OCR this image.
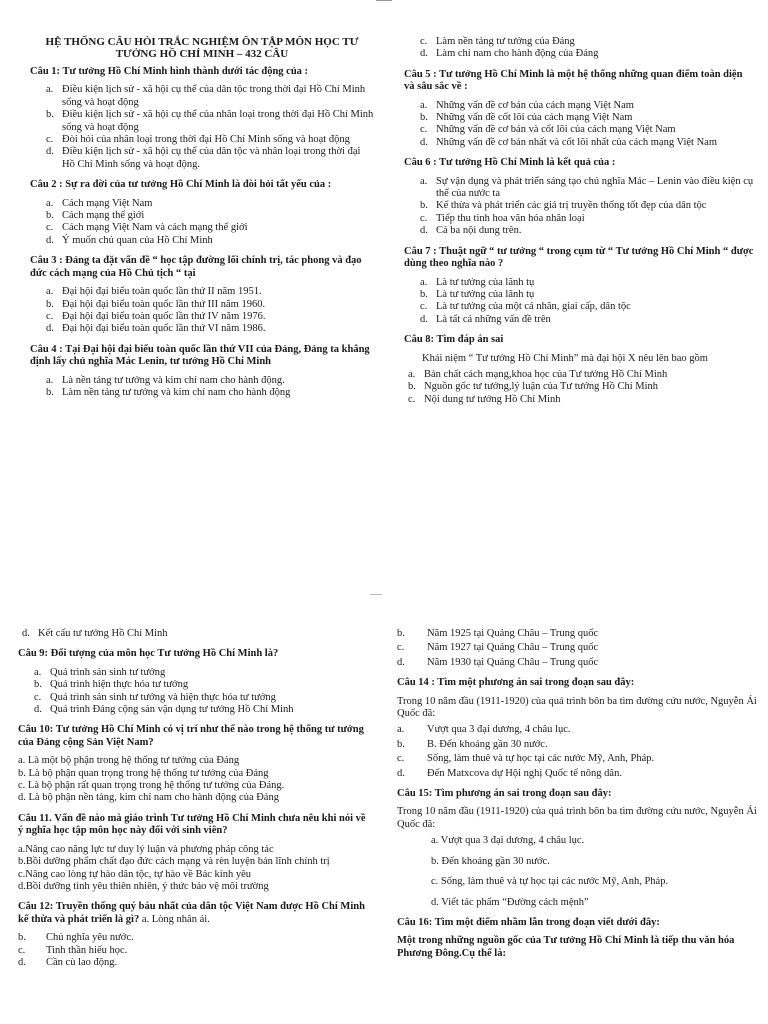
HỆ THỐNG CÂU HỎI TRẮC NGHIỆM ÔN TẬP MÔN HỌC TƯ TƯỞNG HỒ CHÍ MINH – 432 CÂU
Câu 1: Tư tưởng Hồ Chí Minh hình thành dưới tác động của :
a. Điều kiện lịch sử - xã hội cụ thể của dân tộc trong thời đại Hồ Chí Minh sống và hoạt động
b. Điều kiện lịch sử - xã hội cụ thể của nhân loại trong thời đại Hồ Chí Minh sống và hoạt động
c. Đòi hỏi của nhân loại trong thời đại Hồ Chí Minh sống và hoạt động
d. Điều kiện lịch sử - xã hội cụ thể của dân tộc và nhân loại trong thời đại Hồ Chí Minh sống và hoạt động.
Câu 2 : Sự ra đời của tư tưởng Hồ Chí Minh là đòi hỏi tất yếu của :
a. Cách mạng Việt Nam
b. Cách mạng thế giới
c. Cách mạng Việt Nam và cách mạng thế giới
d. Ý muốn chủ quan của Hồ Chí Minh
Câu 3 : Đảng ta đặt vấn đề “ học tập đường lối chính trị, tác phong và đạo đức cách mạng của Hồ Chủ tịch “ tại
a. Đại hội đại biểu toàn quốc lần thứ II năm 1951.
b. Đại hội đại biểu toàn quốc lần thứ III năm 1960.
c. Đại hội đại biểu toàn quốc lần thứ IV năm 1976.
d. Đại hội đại biểu toàn quốc lần thứ VI năm 1986.
Câu 4 : Tại Đại hội đại biểu toàn quốc lần thứ VII của Đảng, Đảng ta khẳng định lấy chủ nghĩa Mác Lenin, tư tưởng Hồ Chí Minh
a. Là nền tảng tư tưởng và kim chỉ nam cho hành động.
b. Làm nền tảng tư tưởng và kim chỉ nam cho hành động
c. Làm nền tảng tư tưởng của Đảng
d. Làm chỉ nam cho hành động của Đảng
Câu 5 : Tư tưởng Hồ Chí Minh là một hệ thống những quan điểm toàn diện và sâu sắc về :
a. Những vấn đề cơ bản của cách mạng Việt Nam
b. Những vấn đề cốt lõi của cách mạng Việt Nam
c. Những vấn đề cơ bản và cốt lõi của cách mạng Việt Nam
d. Những vấn đề cơ bản nhất và cốt lõi nhất của cách mạng Việt Nam
Câu 6 : Tư tưởng Hồ Chí Minh là kết quả của :
a. Sự vận dụng và phát triển sáng tạo chủ nghĩa Mác – Lenin vào điều kiện cụ thể của nước ta
b. Kế thừa và phát triển các giá trị truyền thống tốt đẹp của dân tộc
c. Tiếp thu tinh hoa văn hóa nhân loại
d. Cả ba nội dung trên.
Câu 7 : Thuật ngữ “ tư tưởng “ trong cụm từ “ Tư tưởng Hồ Chí Minh “ được dùng theo nghĩa nào ?
a. Là tư tưởng của lãnh tụ
b. Là tư tưởng của lãnh tụ
c. Là tư tưởng của một cá nhân, giai cấp, dân tộc
d. Là tất cả những vấn đề trên
Câu 8: Tìm đáp án sai
Khái niệm “ Tư tưởng Hồ Chí Minh” mà đại hội X nêu lên bao gồm
a. Bản chất cách mạng,khoa học của Tư tưởng Hồ Chí Minh
b. Nguồn gốc tư tưởng,lý luận của Tư tưởng Hồ Chí Minh
c. Nội dung tư tưởng Hồ Chí Minh
d. Kết cấu tư tưởng Hồ Chí Minh
Câu 9: Đối tượng của môn học Tư tưởng Hồ Chí Minh là?
a. Quá trình sản sinh tư tưởng
b. Quá trình hiện thực hóa tư tưởng
c. Quá trình sản sinh tư tưởng và hiện thực hóa tư tưởng
d. Quá trình Đảng cộng sản vận dụng tư tưởng Hồ Chí Minh
Câu 10: Tư tưởng Hồ Chí Minh có vị trí như thế nào trong hệ thống tư tưởng của Đảng cộng Sản Việt Nam?
a. Là một bộ phận trong hệ thống tư tưởng của Đảng
b. Là bộ phận quan trọng trong hệ thống tư tưởng của Đảng
c. Là bộ phận rất quan trọng trong hệ thống tư tưởng của Đảng.
d. Là bộ phận nền tảng, kim chỉ nam cho hành động của Đảng
Câu 11. Vấn đề nào mà giáo trình Tư tưởng Hồ Chí Minh chưa nêu khi nói về ý nghĩa học tập môn học này đối với sinh viên?
a.Nâng cao năng lực tư duy lý luận và phương pháp công tác
b.Bồi dưỡng phẩm chất đạo đức cách mạng và rèn luyện bản lĩnh chính trị
c.Nâng cao lòng tự hào dân tộc, tự hào về Bác kính yêu
d.Bồi dưỡng tình yêu thiên nhiên, ý thức bảo vệ môi trường
Câu 12: Truyền thống quý báu nhất của dân tộc Việt Nam được Hồ Chí Minh kế thừa và phát triển là gì? a. Lòng nhân ái.
b. Chủ nghĩa yêu nước.
c. Tinh thần hiếu học.
d. Cần cù lao động.
b. Năm 1925 tại Quảng Châu – Trung quốc
c. Năm 1927 tại Quảng Châu – Trung quốc
d. Năm 1930 tại Quảng Châu – Trung quốc
Câu 14 : Tìm một phương án sai trong đoạn sau đây:
Trong 10 năm đầu (1911-1920) của quá trình bôn ba tìm đường cứu nước, Nguyễn Ái Quốc đã:
a. Vượt qua 3 đại dương, 4 châu lục.
b. B. Đến khoảng gần 30 nước.
c. Sống, làm thuê và tự học tại các nước Mỹ, Anh, Pháp.
d. Đến Matxcova dự Hội nghị Quốc tế nông dân.
Câu 15: Tìm phương án sai trong đoạn sau đây:
Trong 10 năm đầu (1911-1920) của quá trình bôn ba tìm đường cứu nước, Nguyễn Ái Quốc đã:
a. Vượt qua 3 đại dương, 4 châu lục.
b. Đến khoảng gần 30 nước.
c. Sống, làm thuê và tự học tại các nước Mỹ, Anh, Pháp.
d. Viết tác phẩm “Đường cách mệnh”
Câu 16: Tìm một điểm nhầm lẫn trong đoạn viết dưới đây:
Một trong những nguồn gốc của Tư tưởng Hồ Chí Minh là tiếp thu văn hóa Phương Đông.Cụ thể là:
